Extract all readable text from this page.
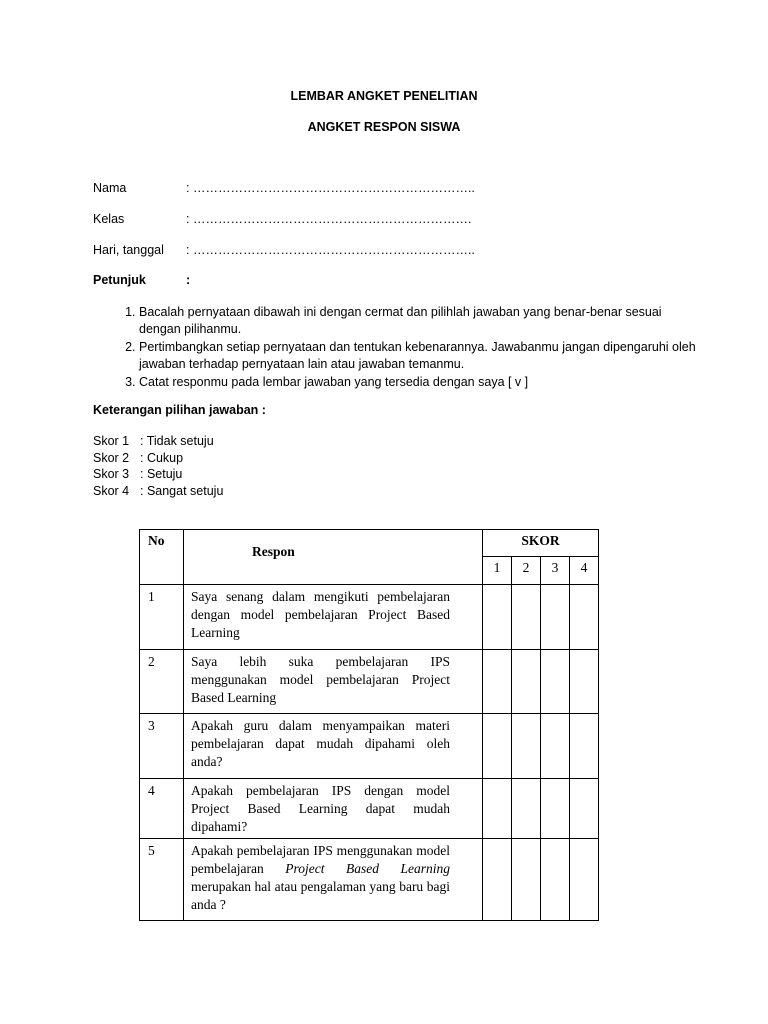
LEMBAR ANGKET PENELITIAN
ANGKET RESPON SISWA
Nama	: …………………………………………………………..
Kelas	: ………………………………………………………….
Hari, tanggal : …………………………………………………………..
Petunjuk	:
1. Bacalah pernyataan dibawah ini dengan cermat dan pilihlah jawaban yang benar-benar sesuai dengan pilihanmu.
2. Pertimbangkan setiap pernyataan dan tentukan kebenarannya. Jawabanmu jangan dipengaruhi oleh jawaban terhadap pernyataan lain atau jawaban temanmu.
3. Catat responmu pada lembar jawaban yang tersedia dengan saya [ v ]
Keterangan pilihan jawaban :
Skor 1 : Tidak setuju
Skor 2 : Cukup
Skor 3 : Setuju
Skor 4 : Sangat setuju
No	Respon	SKOR			
		1	2	3	4
1	Saya senang dalam mengikuti pembelajaran dengan model pembelajaran Project Based Learning				
2	Saya lebih suka pembelajaran IPS menggunakan model pembelajaran Project Based Learning				
3	Apakah guru dalam menyampaikan materi pembelajaran dapat mudah dipahami oleh anda?				
4	Apakah pembelajaran IPS dengan model Project Based Learning dapat mudah dipahami?				
5	Apakah pembelajaran IPS menggunakan model pembelajaran Project Based Learning merupakan hal atau pengalaman yang baru bagi anda ?				
